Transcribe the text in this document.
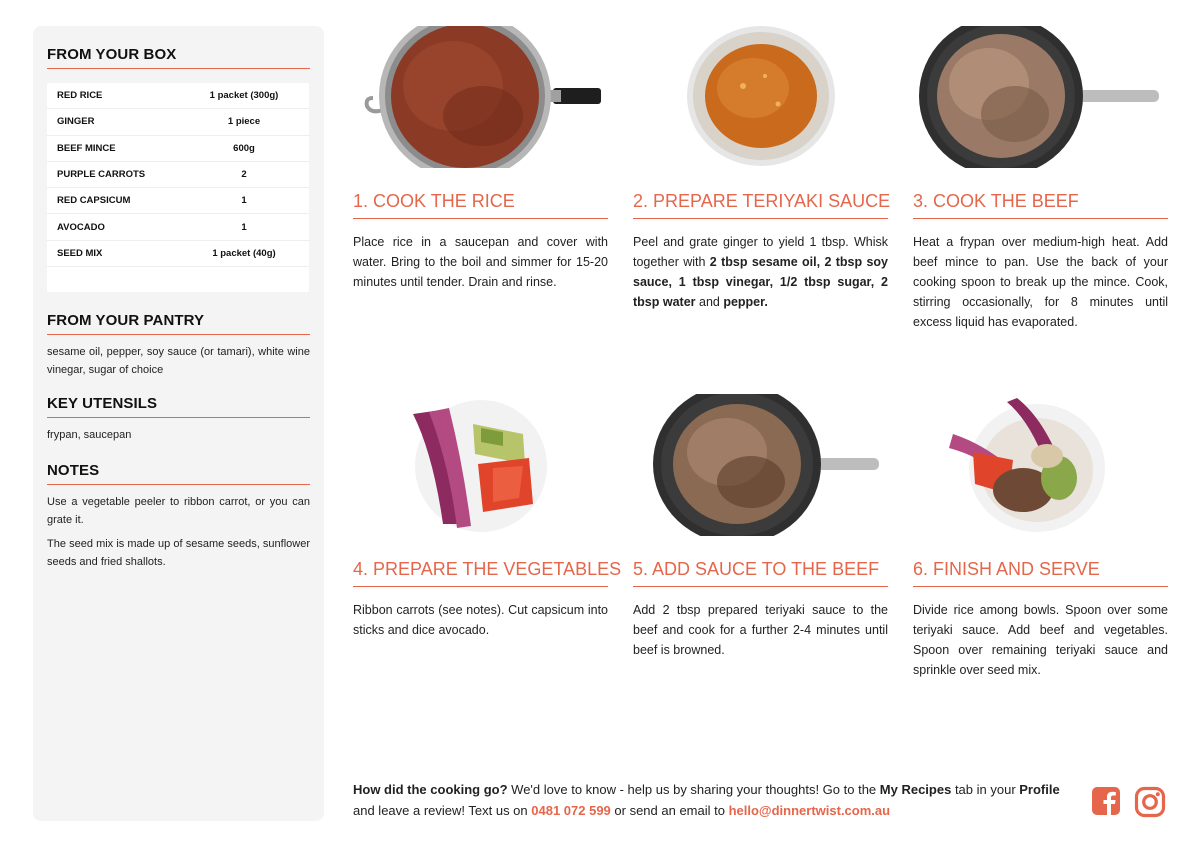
FROM YOUR BOX
RED RICE	1 packet (300g)
GINGER	1 piece
BEEF MINCE	600g
PURPLE CARROTS	2
RED CAPSICUM	1
AVOCADO	1
SEED MIX	1 packet (40g)
FROM YOUR PANTRY
sesame oil, pepper, soy sauce (or tamari), white wine vinegar, sugar of choice
KEY UTENSILS
frypan, saucepan
NOTES

Use a vegetable peeler to ribbon carrot, or you can grate it.

The seed mix is made up of sesame seeds, sunflower seeds and fried shallots.

1. COOK THE RICE
Place rice in a saucepan and cover with water. Bring to the boil and simmer for 15-20 minutes until tender. Drain and rinse.
2. PREPARE TERIYAKI SAUCE
Peel and grate ginger to yield 1 tbsp. Whisk together with 2 tbsp sesame oil, 2 tbsp soy sauce, 1 tbsp vinegar, 1/2 tbsp sugar, 2 tbsp water and pepper.
3. COOK THE BEEF
Heat a frypan over medium-high heat. Add beef mince to pan. Use the back of your cooking spoon to break up the mince. Cook, stirring occasionally, for 8 minutes until excess liquid has evaporated.
4. PREPARE THE VEGETABLES
Ribbon carrots (see notes). Cut capsicum into sticks and dice avocado.
5. ADD SAUCE TO THE BEEF
Add 2 tbsp prepared teriyaki sauce to the beef and cook for a further 2-4 minutes until beef is browned.
6. FINISH AND SERVE
Divide rice among bowls. Spoon over some teriyaki sauce. Add beef and vegetables. Spoon over remaining teriyaki sauce and sprinkle over seed mix.
How did the cooking go? We'd love to know - help us by sharing your thoughts! Go to the My Recipes tab in your Profile and leave a review! Text us on 0481 072 599 or send an email to hello@dinnertwist.com.au
